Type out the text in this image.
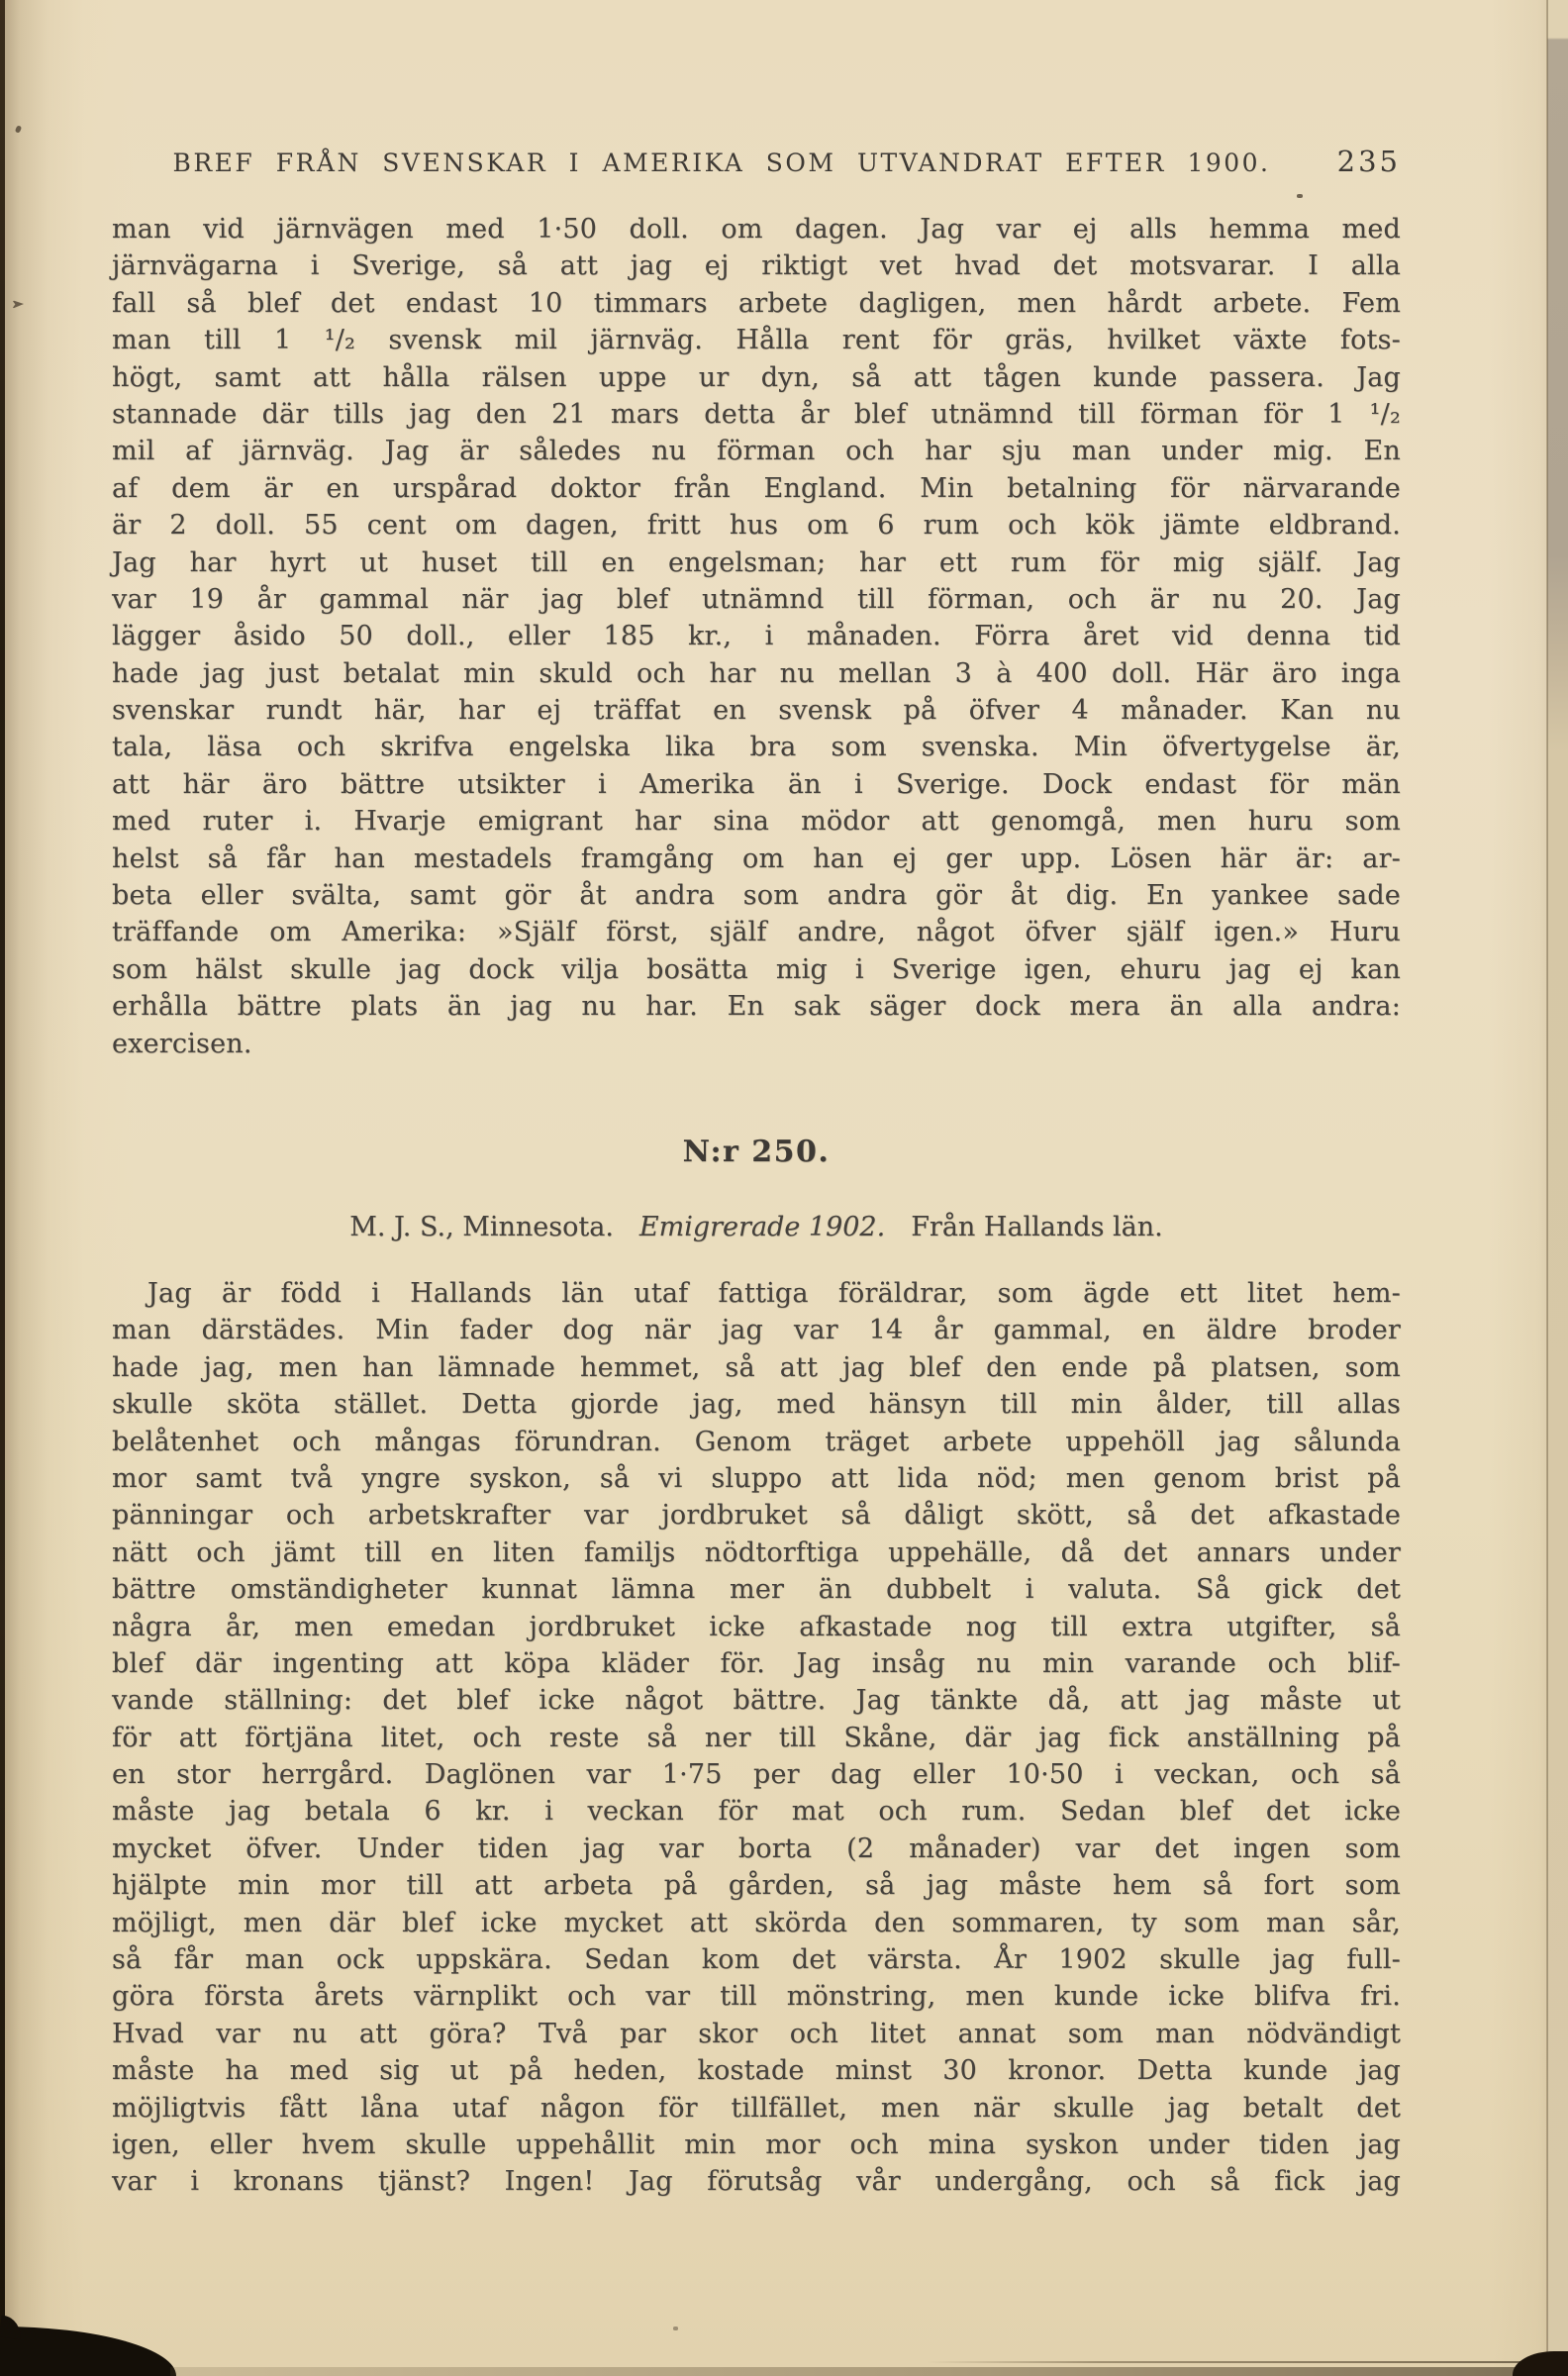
BREF FRÅN SVENSKAR I AMERIKA SOM UTVANDRAT EFTER 1900. 235
man vid järnvägen med 1·50 doll. om dagen. Jag var ej alls hemma med
järnvägarna i Sverige, så att jag ej riktigt vet hvad det motsvarar. I alla
fall så blef det endast 10 timmars arbete dagligen, men hårdt arbete. Fem
man till 1 ¹/₂ svensk mil järnväg. Hålla rent för gräs, hvilket växte fots-
högt, samt att hålla rälsen uppe ur dyn, så att tågen kunde passera. Jag
stannade där tills jag den 21 mars detta år blef utnämnd till förman för 1 ¹/₂
mil af järnväg. Jag är således nu förman och har sju man under mig. En
af dem är en urspårad doktor från England. Min betalning för närvarande
är 2 doll. 55 cent om dagen, fritt hus om 6 rum och kök jämte eldbrand.
Jag har hyrt ut huset till en engelsman; har ett rum för mig själf. Jag
var 19 år gammal när jag blef utnämnd till förman, och är nu 20. Jag
lägger åsido 50 doll., eller 185 kr., i månaden. Förra året vid denna tid
hade jag just betalat min skuld och har nu mellan 3 à 400 doll. Här äro inga
svenskar rundt här, har ej träffat en svensk på öfver 4 månader. Kan nu
tala, läsa och skrifva engelska lika bra som svenska. Min öfvertygelse är,
att här äro bättre utsikter i Amerika än i Sverige. Dock endast för män
med ruter i. Hvarje emigrant har sina mödor att genomgå, men huru som
helst så får han mestadels framgång om han ej ger upp. Lösen här är: ar-
beta eller svälta, samt gör åt andra som andra gör åt dig. En yankee sade
träffande om Amerika: »Själf först, själf andre, något öfver själf igen.» Huru
som hälst skulle jag dock vilja bosätta mig i Sverige igen, ehuru jag ej kan
erhålla bättre plats än jag nu har. En sak säger dock mera än alla andra:
exercisen.
N:r 250.
M. J. S., Minnesota. Emigrerade 1902. Från Hallands län.
Jag är född i Hallands län utaf fattiga föräldrar, som ägde ett litet hem-
man därstädes. Min fader dog när jag var 14 år gammal, en äldre broder
hade jag, men han lämnade hemmet, så att jag blef den ende på platsen, som
skulle sköta stället. Detta gjorde jag, med hänsyn till min ålder, till allas
belåtenhet och mångas förundran. Genom träget arbete uppehöll jag sålunda
mor samt två yngre syskon, så vi sluppo att lida nöd; men genom brist på
pänningar och arbetskrafter var jordbruket så dåligt skött, så det afkastade
nätt och jämt till en liten familjs nödtorftiga uppehälle, då det annars under
bättre omständigheter kunnat lämna mer än dubbelt i valuta. Så gick det
några år, men emedan jordbruket icke afkastade nog till extra utgifter, så
blef där ingenting att köpa kläder för. Jag insåg nu min varande och blif-
vande ställning: det blef icke något bättre. Jag tänkte då, att jag måste ut
för att förtjäna litet, och reste så ner till Skåne, där jag fick anställning på
en stor herrgård. Daglönen var 1·75 per dag eller 10·50 i veckan, och så
måste jag betala 6 kr. i veckan för mat och rum. Sedan blef det icke
mycket öfver. Under tiden jag var borta (2 månader) var det ingen som
hjälpte min mor till att arbeta på gården, så jag måste hem så fort som
möjligt, men där blef icke mycket att skörda den sommaren, ty som man sår,
så får man ock uppskära. Sedan kom det värsta. År 1902 skulle jag full-
göra första årets värnplikt och var till mönstring, men kunde icke blifva fri.
Hvad var nu att göra? Två par skor och litet annat som man nödvändigt
måste ha med sig ut på heden, kostade minst 30 kronor. Detta kunde jag
möjligtvis fått låna utaf någon för tillfället, men när skulle jag betalt det
igen, eller hvem skulle uppehållit min mor och mina syskon under tiden jag
var i kronans tjänst? Ingen! Jag förutsåg vår undergång, och så fick jag
